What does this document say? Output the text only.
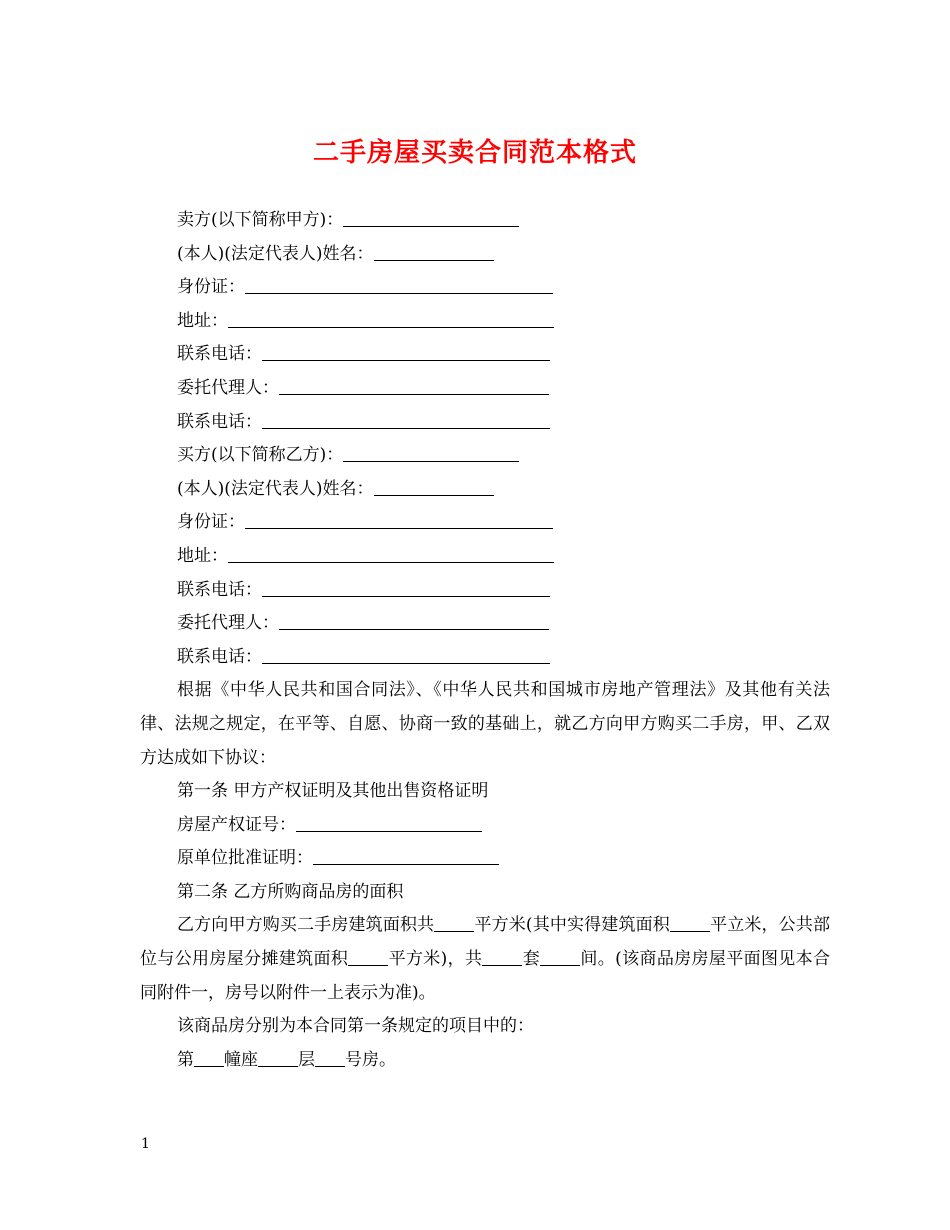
二手房屋买卖合同范本格式
卖方(以下简称甲方)：
(本人)(法定代表人)姓名：
身份证：
地址：
联系电话：
委托代理人：
联系电话：
买方(以下简称乙方)：
(本人)(法定代表人)姓名：
身份证：
地址：
联系电话：
委托代理人：
联系电话：
根据《中华人民共和国合同法》、《中华人民共和国城市房地产管理法》及其他有关法律、法规之规定，在平等、自愿、协商一致的基础上，就乙方向甲方购买二手房，甲、乙双方达成如下协议：
第一条 甲方产权证明及其他出售资格证明
房屋产权证号：
原单位批准证明：
第二条 乙方所购商品房的面积
乙方向甲方购买二手房建筑面积共 平方米(其中实得建筑面积 平立米，公共部位与公用房屋分摊建筑面积 平方米)，共 套 间。(该商品房房屋平面图见本合同附件一，房号以附件一上表示为准)。
该商品房分别为本合同第一条规定的项目中的：
第 幢座 层 号房。
1
